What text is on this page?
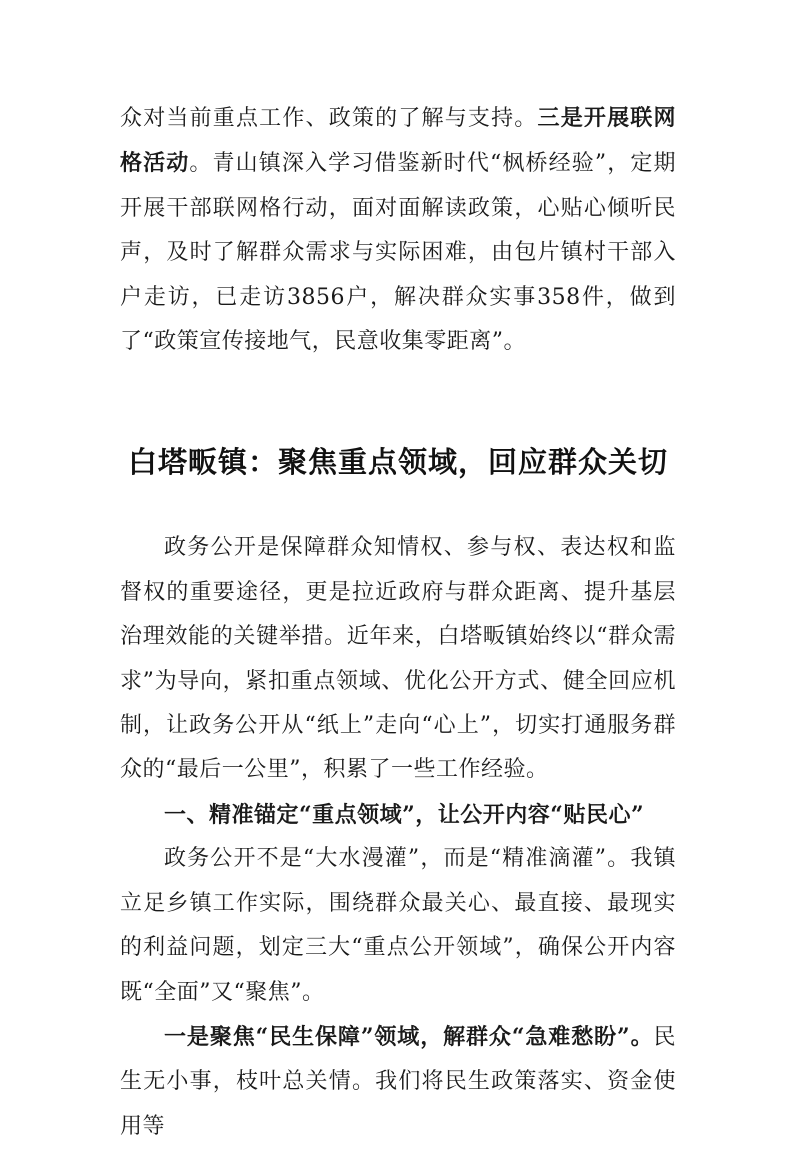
众对当前重点工作、政策的了解与支持。三是开展联网格活动。青山镇深入学习借鉴新时代“枫桥经验”，定期开展干部联网格行动，面对面解读政策，心贴心倾听民声，及时了解群众需求与实际困难，由包片镇村干部入户走访，已走访3856户，解决群众实事358件，做到了“政策宣传接地气，民意收集零距离”。

白塔畈镇：聚焦重点领域，回应群众关切

政务公开是保障群众知情权、参与权、表达权和监督权的重要途径，更是拉近政府与群众距离、提升基层治理效能的关键举措。近年来，白塔畈镇始终以“群众需求”为导向，紧扣重点领域、优化公开方式、健全回应机制，让政务公开从“纸上”走向“心上”，切实打通服务群众的“最后一公里”，积累了一些工作经验。

一、精准锚定“重点领域”，让公开内容“贴民心”

政务公开不是“大水漫灌”，而是“精准滴灌”。我镇立足乡镇工作实际，围绕群众最关心、最直接、最现实的利益问题，划定三大“重点公开领域”，确保公开内容既“全面”又“聚焦”。

一是聚焦“民生保障”领域，解群众“急难愁盼”。民生无小事，枝叶总关情。我们将民生政策落实、资金使用等
